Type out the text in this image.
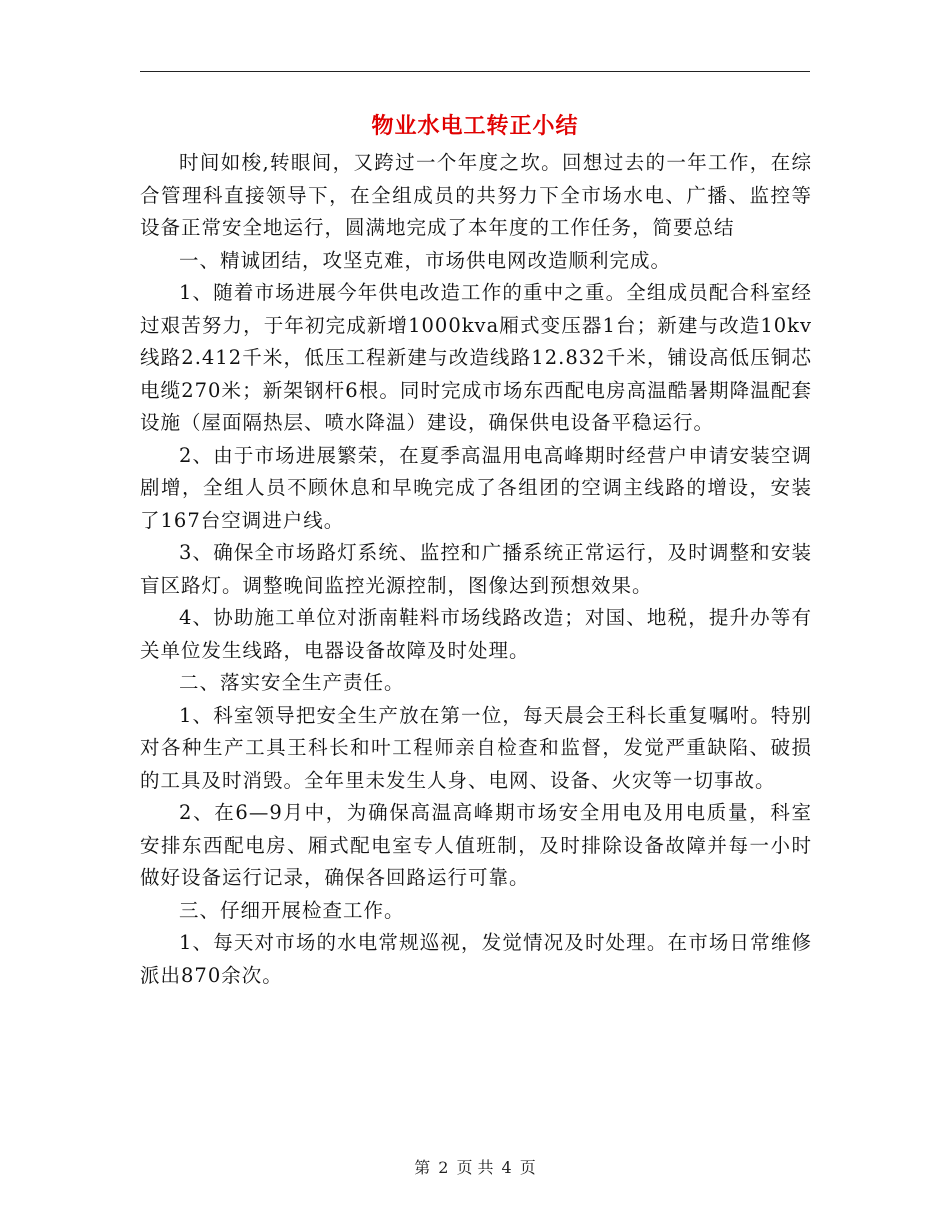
物业水电工转正小结

时间如梭,转眼间，又跨过一个年度之坎。回想过去的一年工作，在综合管理科直接领导下，在全组成员的共努力下全市场水电、广播、监控等设备正常安全地运行，圆满地完成了本年度的工作任务，简要总结

一、精诚团结，攻坚克难，市场供电网改造顺利完成。

1、随着市场进展今年供电改造工作的重中之重。全组成员配合科室经过艰苦努力，于年初完成新增1000kva厢式变压器1台；新建与改造10kv线路2.412千米，低压工程新建与改造线路12.832千米，铺设高低压铜芯电缆270米；新架钢杆6根。同时完成市场东西配电房高温酷暑期降温配套设施（屋面隔热层、喷水降温）建设，确保供电设备平稳运行。

2、由于市场进展繁荣，在夏季高温用电高峰期时经营户申请安装空调剧增，全组人员不顾休息和早晚完成了各组团的空调主线路的增设，安装了167台空调进户线。

3、确保全市场路灯系统、监控和广播系统正常运行，及时调整和安装盲区路灯。调整晚间监控光源控制，图像达到预想效果。

4、协助施工单位对浙南鞋料市场线路改造；对国、地税，提升办等有关单位发生线路，电器设备故障及时处理。

二、落实安全生产责任。

1、科室领导把安全生产放在第一位，每天晨会王科长重复嘱咐。特别对各种生产工具王科长和叶工程师亲自检查和监督，发觉严重缺陷、破损的工具及时消毁。全年里未发生人身、电网、设备、火灾等一切事故。

2、在6—9月中，为确保高温高峰期市场安全用电及用电质量，科室安排东西配电房、厢式配电室专人值班制，及时排除设备故障并每一小时做好设备运行记录，确保各回路运行可靠。

三、仔细开展检查工作。

1、每天对市场的水电常规巡视，发觉情况及时处理。在市场日常维修派出870余次。

第 2 页 共 4 页
